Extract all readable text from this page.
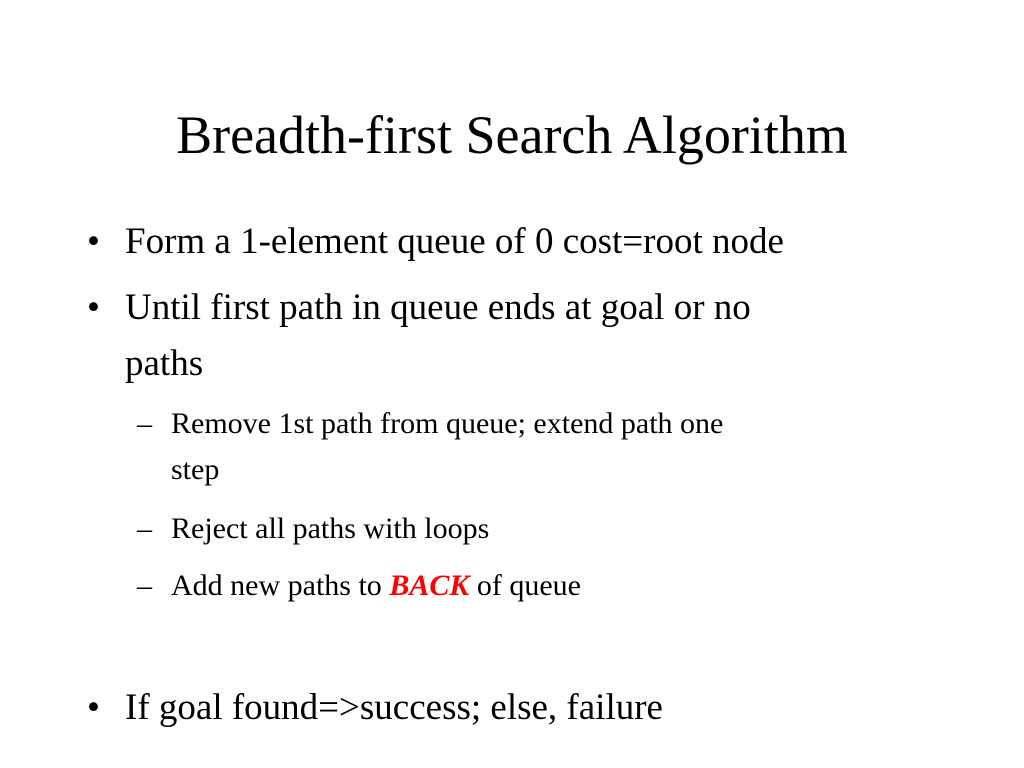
Breadth-first Search Algorithm
• Form a 1-element queue of 0 cost=root node
• Until first path in queue ends at goal or no
paths
– Remove 1st path from queue; extend path one
step
– Reject all paths with loops
– Add new paths to BACK of queue
• If goal found=>success; else, failure
